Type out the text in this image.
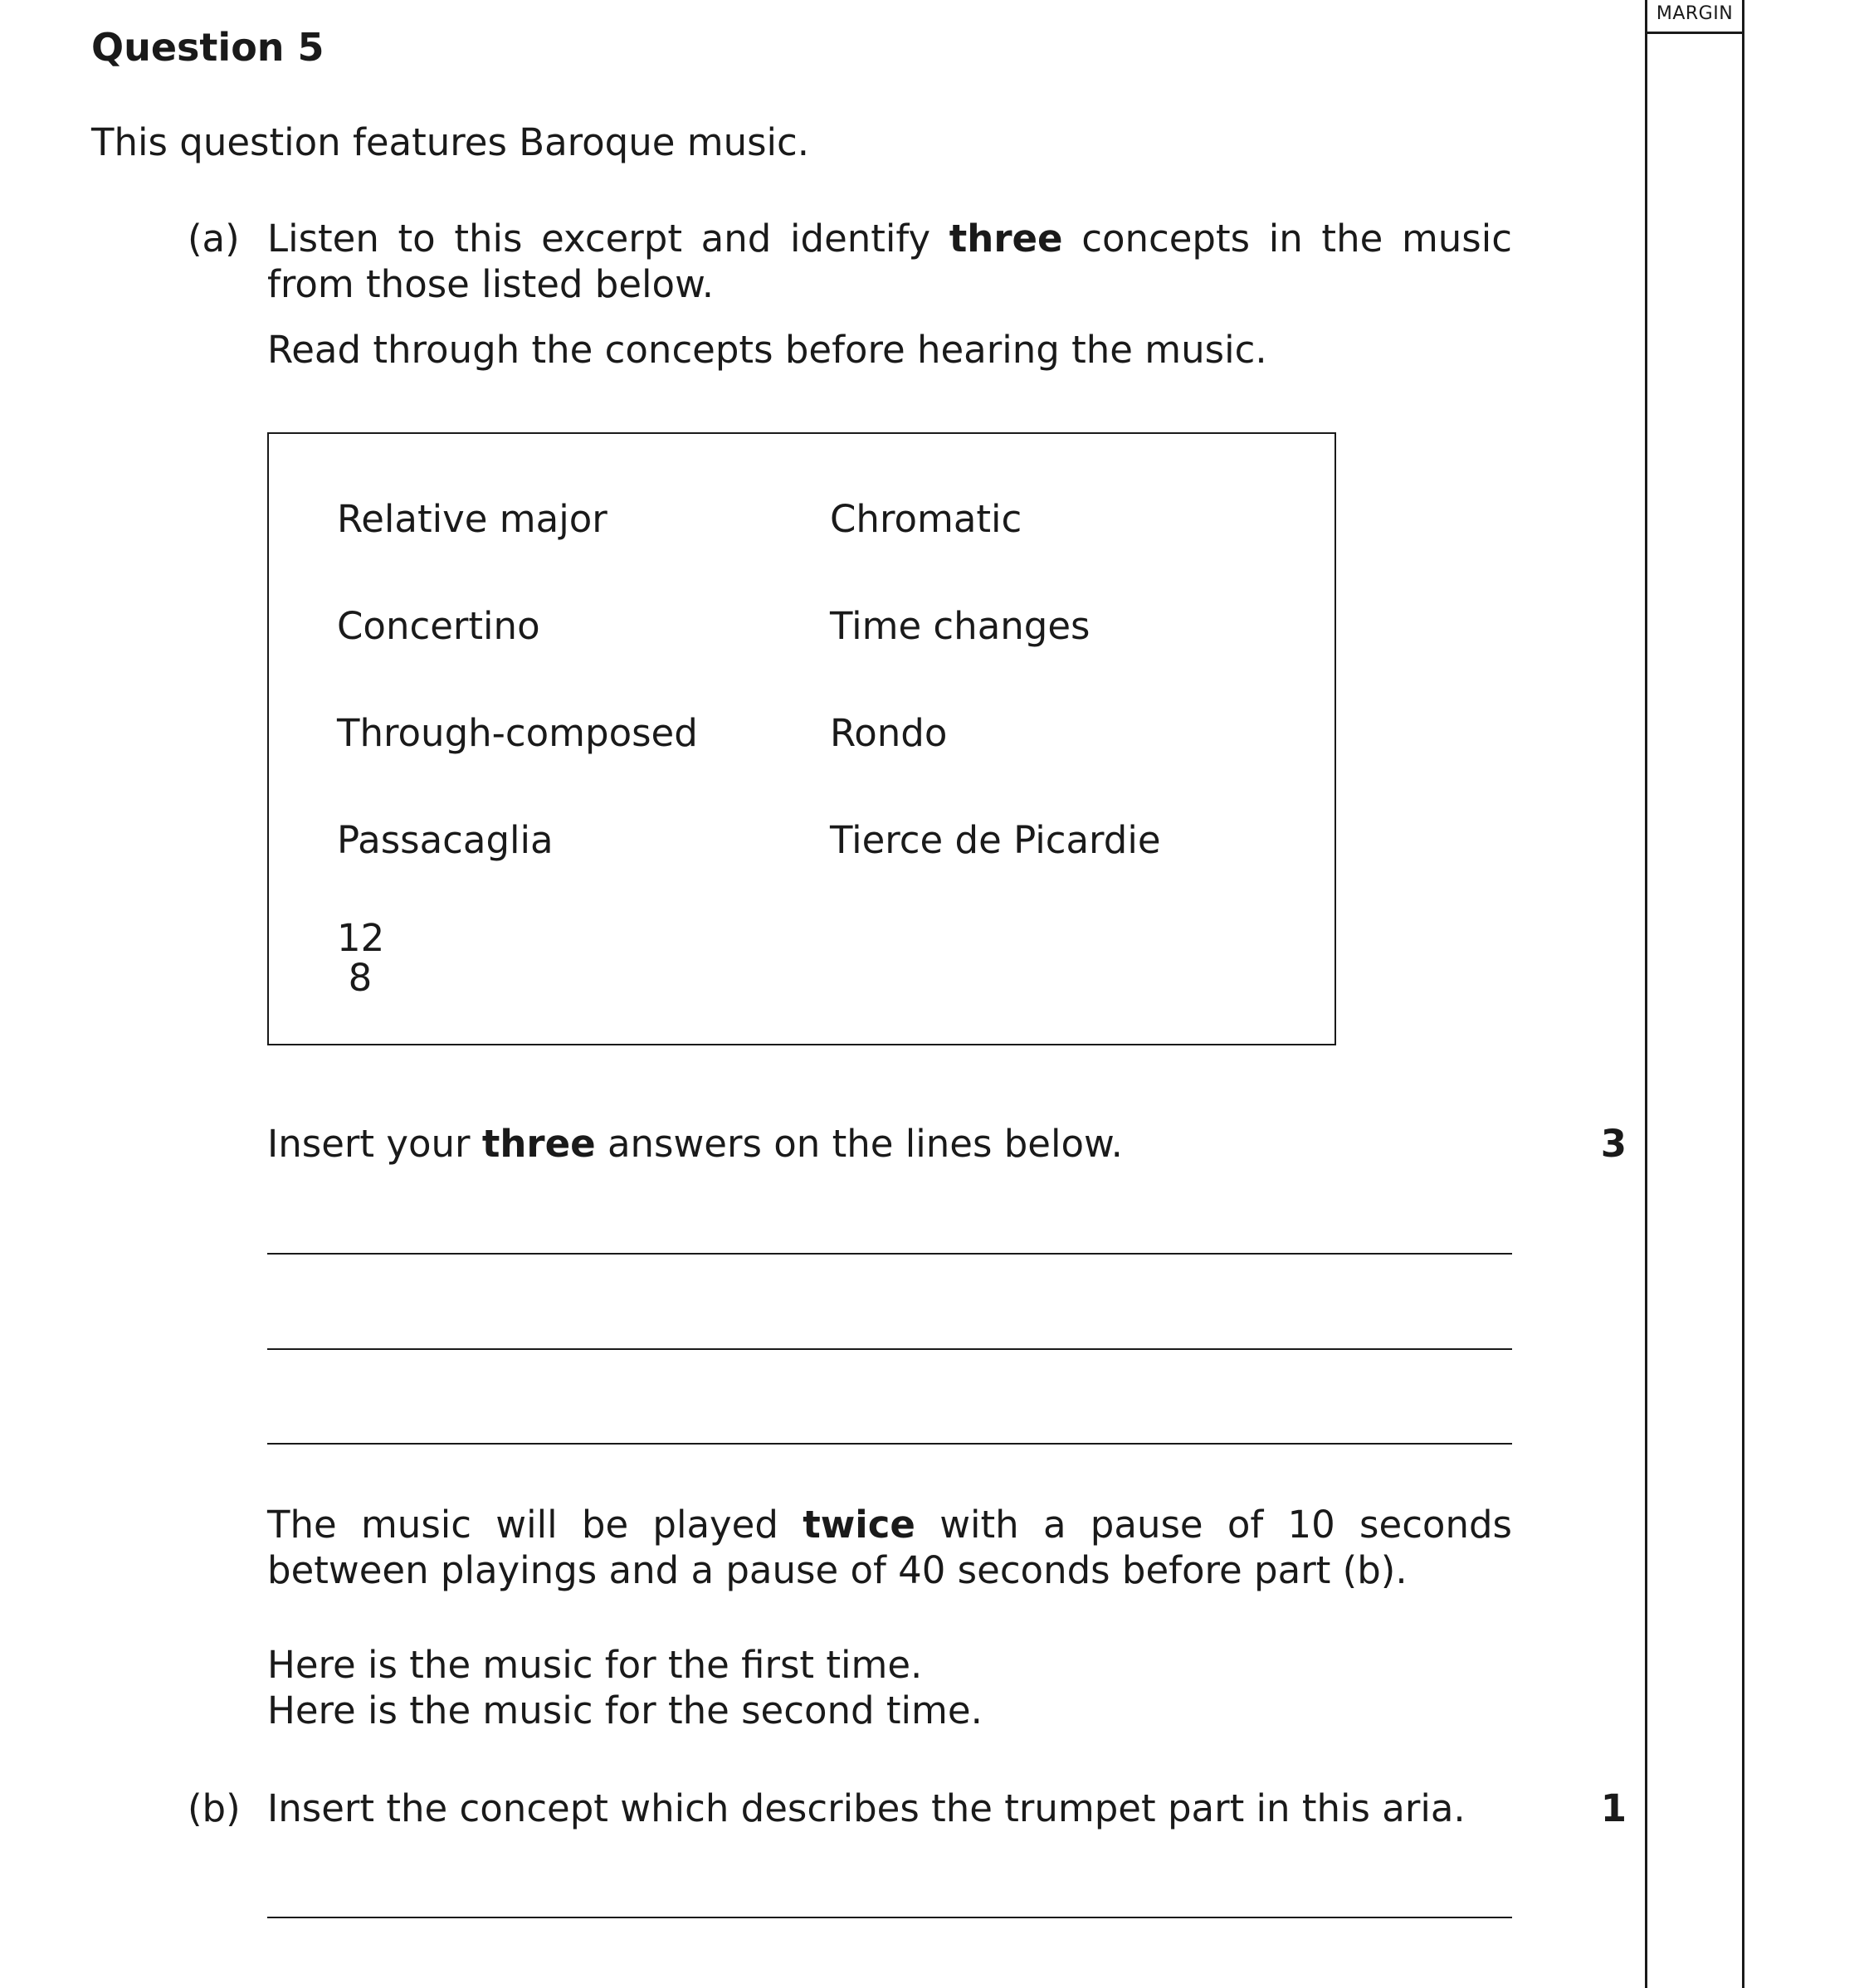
MARGIN
Question 5
This question features Baroque music.
(a) Listen to this excerpt and identify three concepts in the music from those listed below.
Read through the concepts before hearing the music.
Relative major
Concertino
Through-composed
Passacaglia
Chromatic
Time changes
Rondo
Tierce de Picardie
12
8
Insert your three answers on the lines below.	3
The music will be played twice with a pause of 10 seconds between playings and a pause of 40 seconds before part (b).
Here is the music for the first time.
Here is the music for the second time.
(b) Insert the concept which describes the trumpet part in this aria.	1
